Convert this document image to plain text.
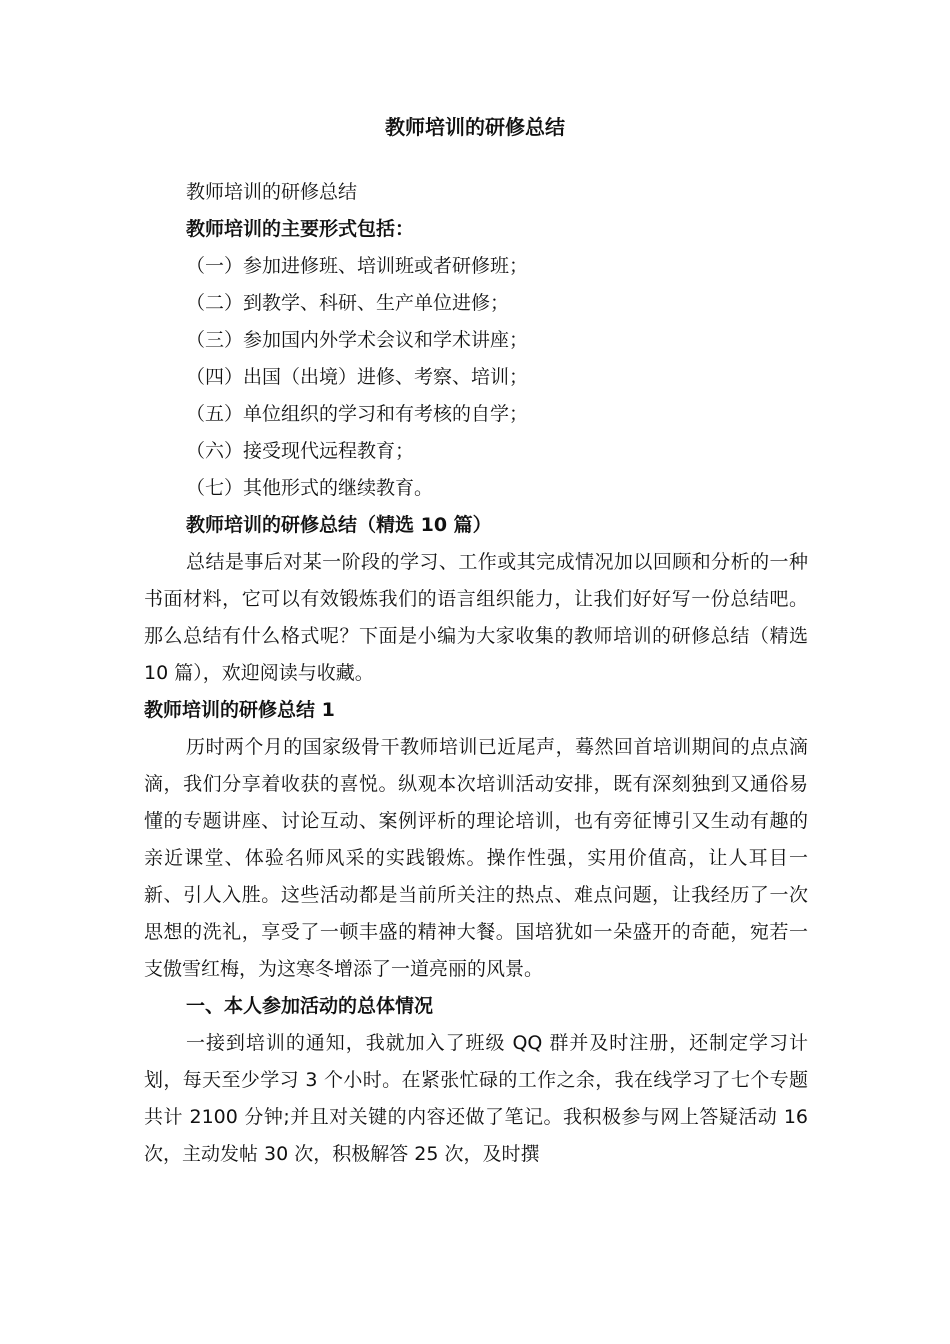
教师培训的研修总结

教师培训的研修总结

教师培训的主要形式包括：

（一）参加进修班、培训班或者研修班；

（二）到教学、科研、生产单位进修；

（三）参加国内外学术会议和学术讲座；

（四）出国（出境）进修、考察、培训；

（五）单位组织的学习和有考核的自学；

（六）接受现代远程教育；

（七）其他形式的继续教育。

教师培训的研修总结（精选 10 篇）

总结是事后对某一阶段的学习、工作或其完成情况加以回顾和分析的一种书面材料，它可以有效锻炼我们的语言组织能力，让我们好好写一份总结吧。那么总结有什么格式呢？下面是小编为大家收集的教师培训的研修总结（精选 10 篇），欢迎阅读与收藏。

教师培训的研修总结 1

历时两个月的国家级骨干教师培训已近尾声，蓦然回首培训期间的点点滴滴，我们分享着收获的喜悦。纵观本次培训活动安排，既有深刻独到又通俗易懂的专题讲座、讨论互动、案例评析的理论培训，也有旁征博引又生动有趣的亲近课堂、体验名师风采的实践锻炼。操作性强，实用价值高，让人耳目一新、引人入胜。这些活动都是当前所关注的热点、难点问题，让我经历了一次思想的洗礼，享受了一顿丰盛的精神大餐。国培犹如一朵盛开的奇葩，宛若一支傲雪红梅，为这寒冬增添了一道亮丽的风景。

一、本人参加活动的总体情况

一接到培训的通知，我就加入了班级 QQ 群并及时注册，还制定学习计划，每天至少学习 3 个小时。在紧张忙碌的工作之余，我在线学习了七个专题共计 2100 分钟;并且对关键的内容还做了笔记。我积极参与网上答疑活动 16 次，主动发帖 30 次，积极解答 25 次，及时撰
